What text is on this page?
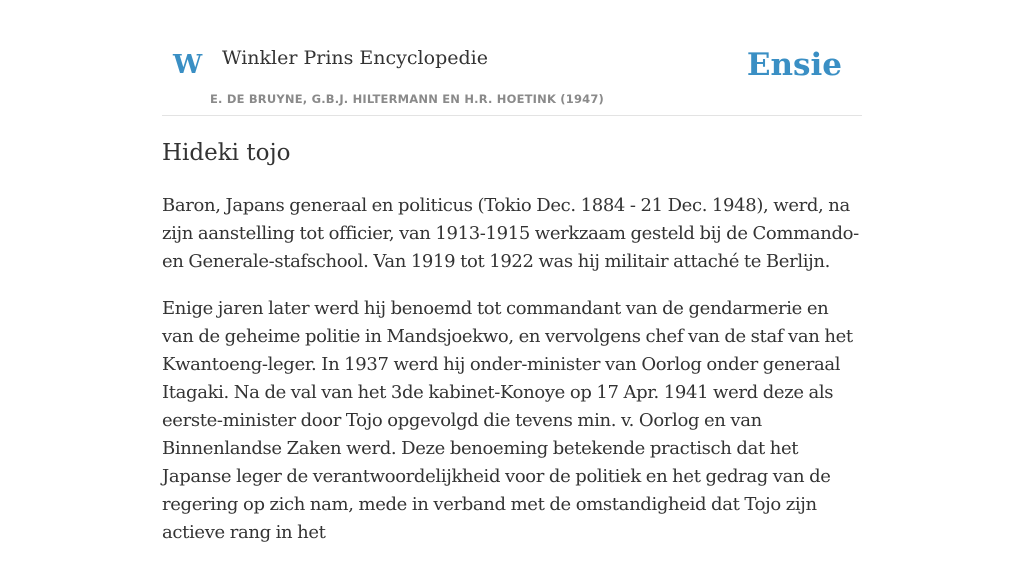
W Winkler Prins Encyclopedie
E. DE BRUYNE, G.B.J. HILTERMANN EN H.R. HOETINK (1947)
Ensie
Hideki tojo

Baron, Japans generaal en politicus (Tokio Dec. 1884 - 21 Dec. 1948), werd, na zijn aanstelling tot officier, van 1913-1915 werkzaam gesteld bij de Commando- en Generale-stafschool. Van 1919 tot 1922 was hij militair attaché te Berlijn.

Enige jaren later werd hij benoemd tot commandant van de gendarmerie en van de geheime politie in Mandsjoekwo, en vervolgens chef van de staf van het Kwantoeng-leger. In 1937 werd hij onder-minister van Oorlog onder generaal Itagaki. Na de val van het 3de kabinet-Konoye op 17 Apr. 1941 werd deze als eerste-minister door Tojo opgevolgd die tevens min. v. Oorlog en van Binnenlandse Zaken werd. Deze benoeming betekende practisch dat het Japanse leger de verantwoordelijkheid voor de politiek en het gedrag van de regering op zich nam, mede in verband met de omstandigheid dat Tojo zijn actieve rang in het
